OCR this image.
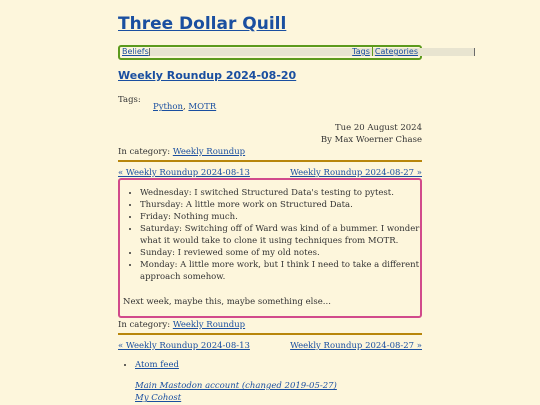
Three Dollar Quill
Beliefs	Tags Categories
Weekly Roundup 2024-08-20
Tags:
Python, MOTR
Tue 20 August 2024
By Max Woerner Chase
In category: Weekly Roundup
« Weekly Roundup 2024-08-13	Weekly Roundup 2024-08-27 »
• Wednesday: I switched Structured Data's testing to pytest.
• Thursday: A little more work on Structured Data.
• Friday: Nothing much.
• Saturday: Switching off of Ward was kind of a bummer. I wonder what it would take to clone it using techniques from MOTR.
• Sunday: I reviewed some of my old notes.
• Monday: A little more work, but I think I need to take a different approach somehow.
Next week, maybe this, maybe something else...
In category: Weekly Roundup
« Weekly Roundup 2024-08-13	Weekly Roundup 2024-08-27 »
• Atom feed
Main Mastodon account (changed 2019-05-27)
My Cohost
